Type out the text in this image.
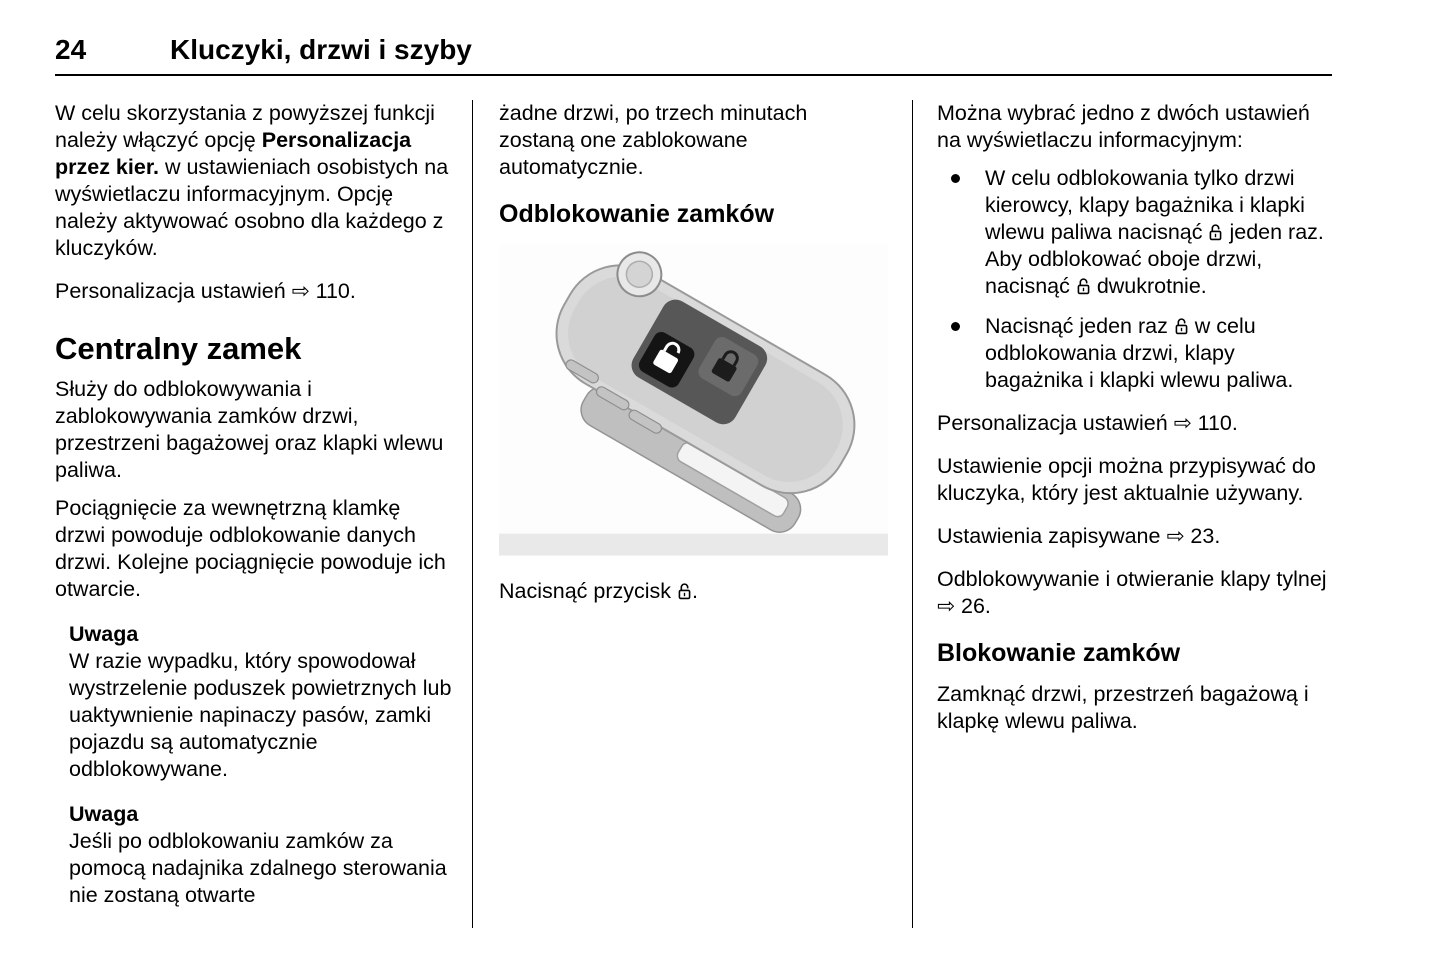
24	Kluczyki, drzwi i szyby

W celu skorzystania z powyższej funkcji należy włączyć opcję Personalizacja przez kier. w ustawieniach osobistych na wyświetlaczu informacyjnym. Opcję należy aktywować osobno dla każdego z kluczyków.

Personalizacja ustawień ⇨ 110.

Centralny zamek

Służy do odblokowywania i zablokowywania zamków drzwi, przestrzeni bagażowej oraz klapki wlewu paliwa.

Pociągnięcie za wewnętrzną klamkę drzwi powoduje odblokowanie danych drzwi. Kolejne pociągnięcie powoduje ich otwarcie.

Uwaga

W razie wypadku, który spowodował wystrzelenie poduszek powietrznych lub uaktywnienie napinaczy pasów, zamki pojazdu są automatycznie odblokowywane.

Uwaga

Jeśli po odblokowaniu zamków za pomocą nadajnika zdalnego sterowania nie zostaną otwarte

żadne drzwi, po trzech minutach zostaną one zablokowane automatycznie.

Odblokowanie zamków

Nacisnąć przycisk .

Można wybrać jedno z dwóch ustawień na wyświetlaczu informacyjnym:

W celu odblokowania tylko drzwi kierowcy, klapy bagażnika i klapki wlewu paliwa nacisnąć  jeden raz. Aby odblokować oboje drzwi, nacisnąć  dwukrotnie.
Nacisnąć jeden raz  w celu odblokowania drzwi, klapy bagażnika i klapki wlewu paliwa.

Personalizacja ustawień ⇨ 110.

Ustawienie opcji można przypisywać do kluczyka, który jest aktualnie używany.

Ustawienia zapisywane ⇨ 23.

Odblokowywanie i otwieranie klapy tylnej ⇨ 26.

Blokowanie zamków

Zamknąć drzwi, przestrzeń bagażową i klapkę wlewu paliwa.
